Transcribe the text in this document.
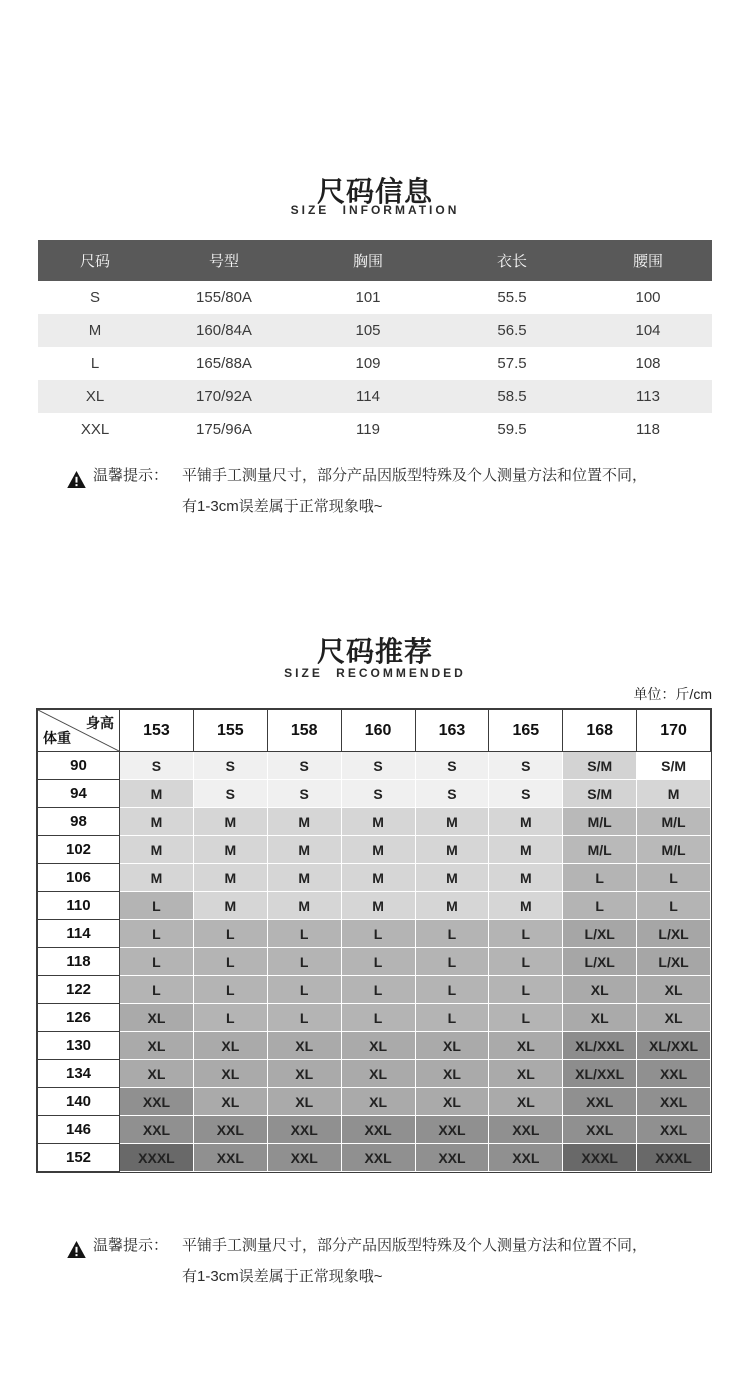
尺码信息
SIZE INFORMATION
尺码	号型	胸围	衣长	腰围
S	155/80A	101	55.5	100
M	160/84A	105	56.5	104
L	165/88A	109	57.5	108
XL	170/92A	114	58.5	113
XXL	175/96A	119	59.5	118
温馨提示： 平铺手工测量尺寸，部分产品因版型特殊及个人测量方法和位置不同，
有1-3cm误差属于正常现象哦~
尺码推荐
SIZE RECOMMENDED
单位：斤/cm
身高
体重	153	155	158	160	163	165	168	170
90	S	S	S	S	S	S	S/M	S/M
94	M	S	S	S	S	S	S/M	M
98	M	M	M	M	M	M	M/L	M/L
102	M	M	M	M	M	M	M/L	M/L
106	M	M	M	M	M	M	L	L
110	L	M	M	M	M	M	L	L
114	L	L	L	L	L	L	L/XL	L/XL
118	L	L	L	L	L	L	L/XL	L/XL
122	L	L	L	L	L	L	XL	XL
126	XL	L	L	L	L	L	XL	XL
130	XL	XL	XL	XL	XL	XL	XL/XXL	XL/XXL
134	XL	XL	XL	XL	XL	XL	XL/XXL	XXL
140	XXL	XL	XL	XL	XL	XL	XXL	XXL
146	XXL	XXL	XXL	XXL	XXL	XXL	XXL	XXL
152	XXXL	XXL	XXL	XXL	XXL	XXL	XXXL	XXXL
温馨提示： 平铺手工测量尺寸，部分产品因版型特殊及个人测量方法和位置不同，
有1-3cm误差属于正常现象哦~
